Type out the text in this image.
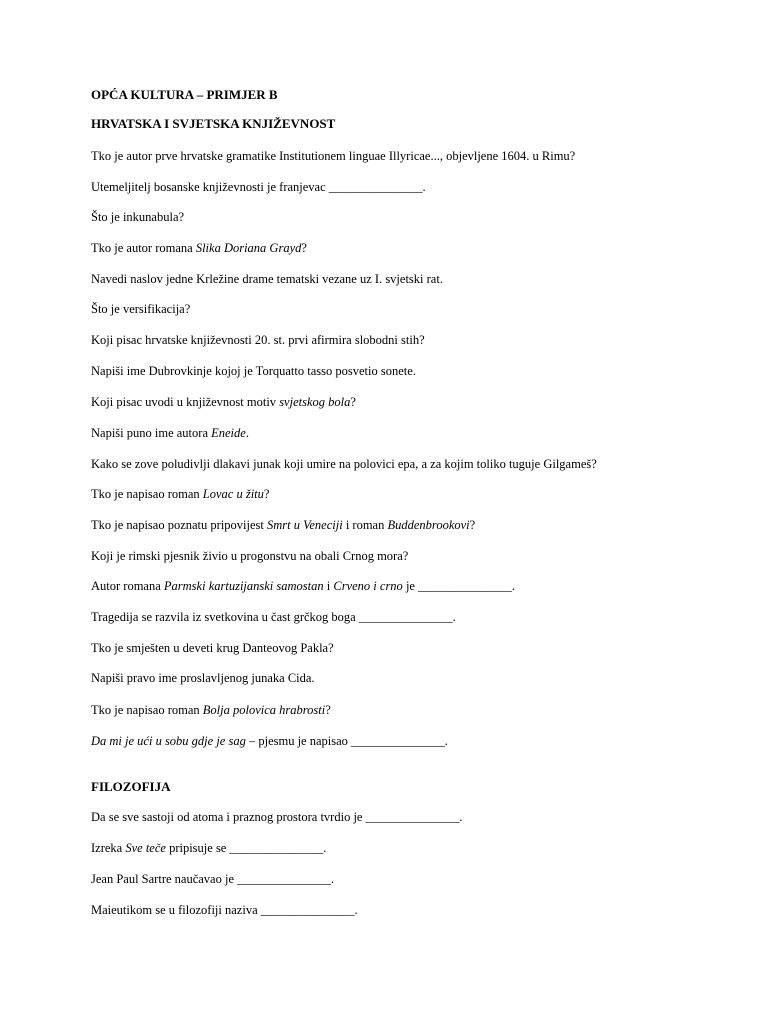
OPĆA KULTURA – PRIMJER B
HRVATSKA I SVJETSKA KNJIŽEVNOST
Tko je autor prve hrvatske gramatike Institutionem linguae Illyricae..., objevljene 1604. u Rimu?
Utemeljitelj bosanske književnosti je franjevac _______________.
Što je inkunabula?
Tko je autor romana Slika Doriana Grayd?
Navedi naslov jedne Krležine drame tematski vezane uz I. svjetski rat.
Što je versifikacija?
Koji pisac hrvatske književnosti 20. st. prvi afirmira slobodni stih?
Napiši ime Dubrovkinje kojoj je Torquatto tasso posvetio sonete.
Koji pisac uvodi u književnost motiv svjetskog bola?
Napiši puno ime autora Eneide.
Kako se zove poludivlji dlakavi junak koji umire na polovici epa, a za kojim toliko tuguje Gilgameš?
Tko je napisao roman Lovac u žitu?
Tko je napisao poznatu pripovijest Smrt u Veneciji i roman Buddenbrookovi?
Koji je rimski pjesnik živio u progonstvu na obali Crnog mora?
Autor romana Parmski kartuzijanski samostan i Crveno i crno je _______________.
Tragedija se razvila iz svetkovina u čast grčkog boga _______________.
Tko je smješten u deveti krug Danteovog Pakla?
Napiši pravo ime proslavljenog junaka Cida.
Tko je napisao roman Bolja polovica hrabrosti?
Da mi je ući u sobu gdje je sag – pjesmu je napisao _______________.
FILOZOFIJA
Da se sve sastoji od atoma i praznog prostora tvrdio je _______________.
Izreka Sve teče pripisuje se _______________.
Jean Paul Sartre naučavao je _______________.
Maieutikom se u filozofiji naziva _______________.
